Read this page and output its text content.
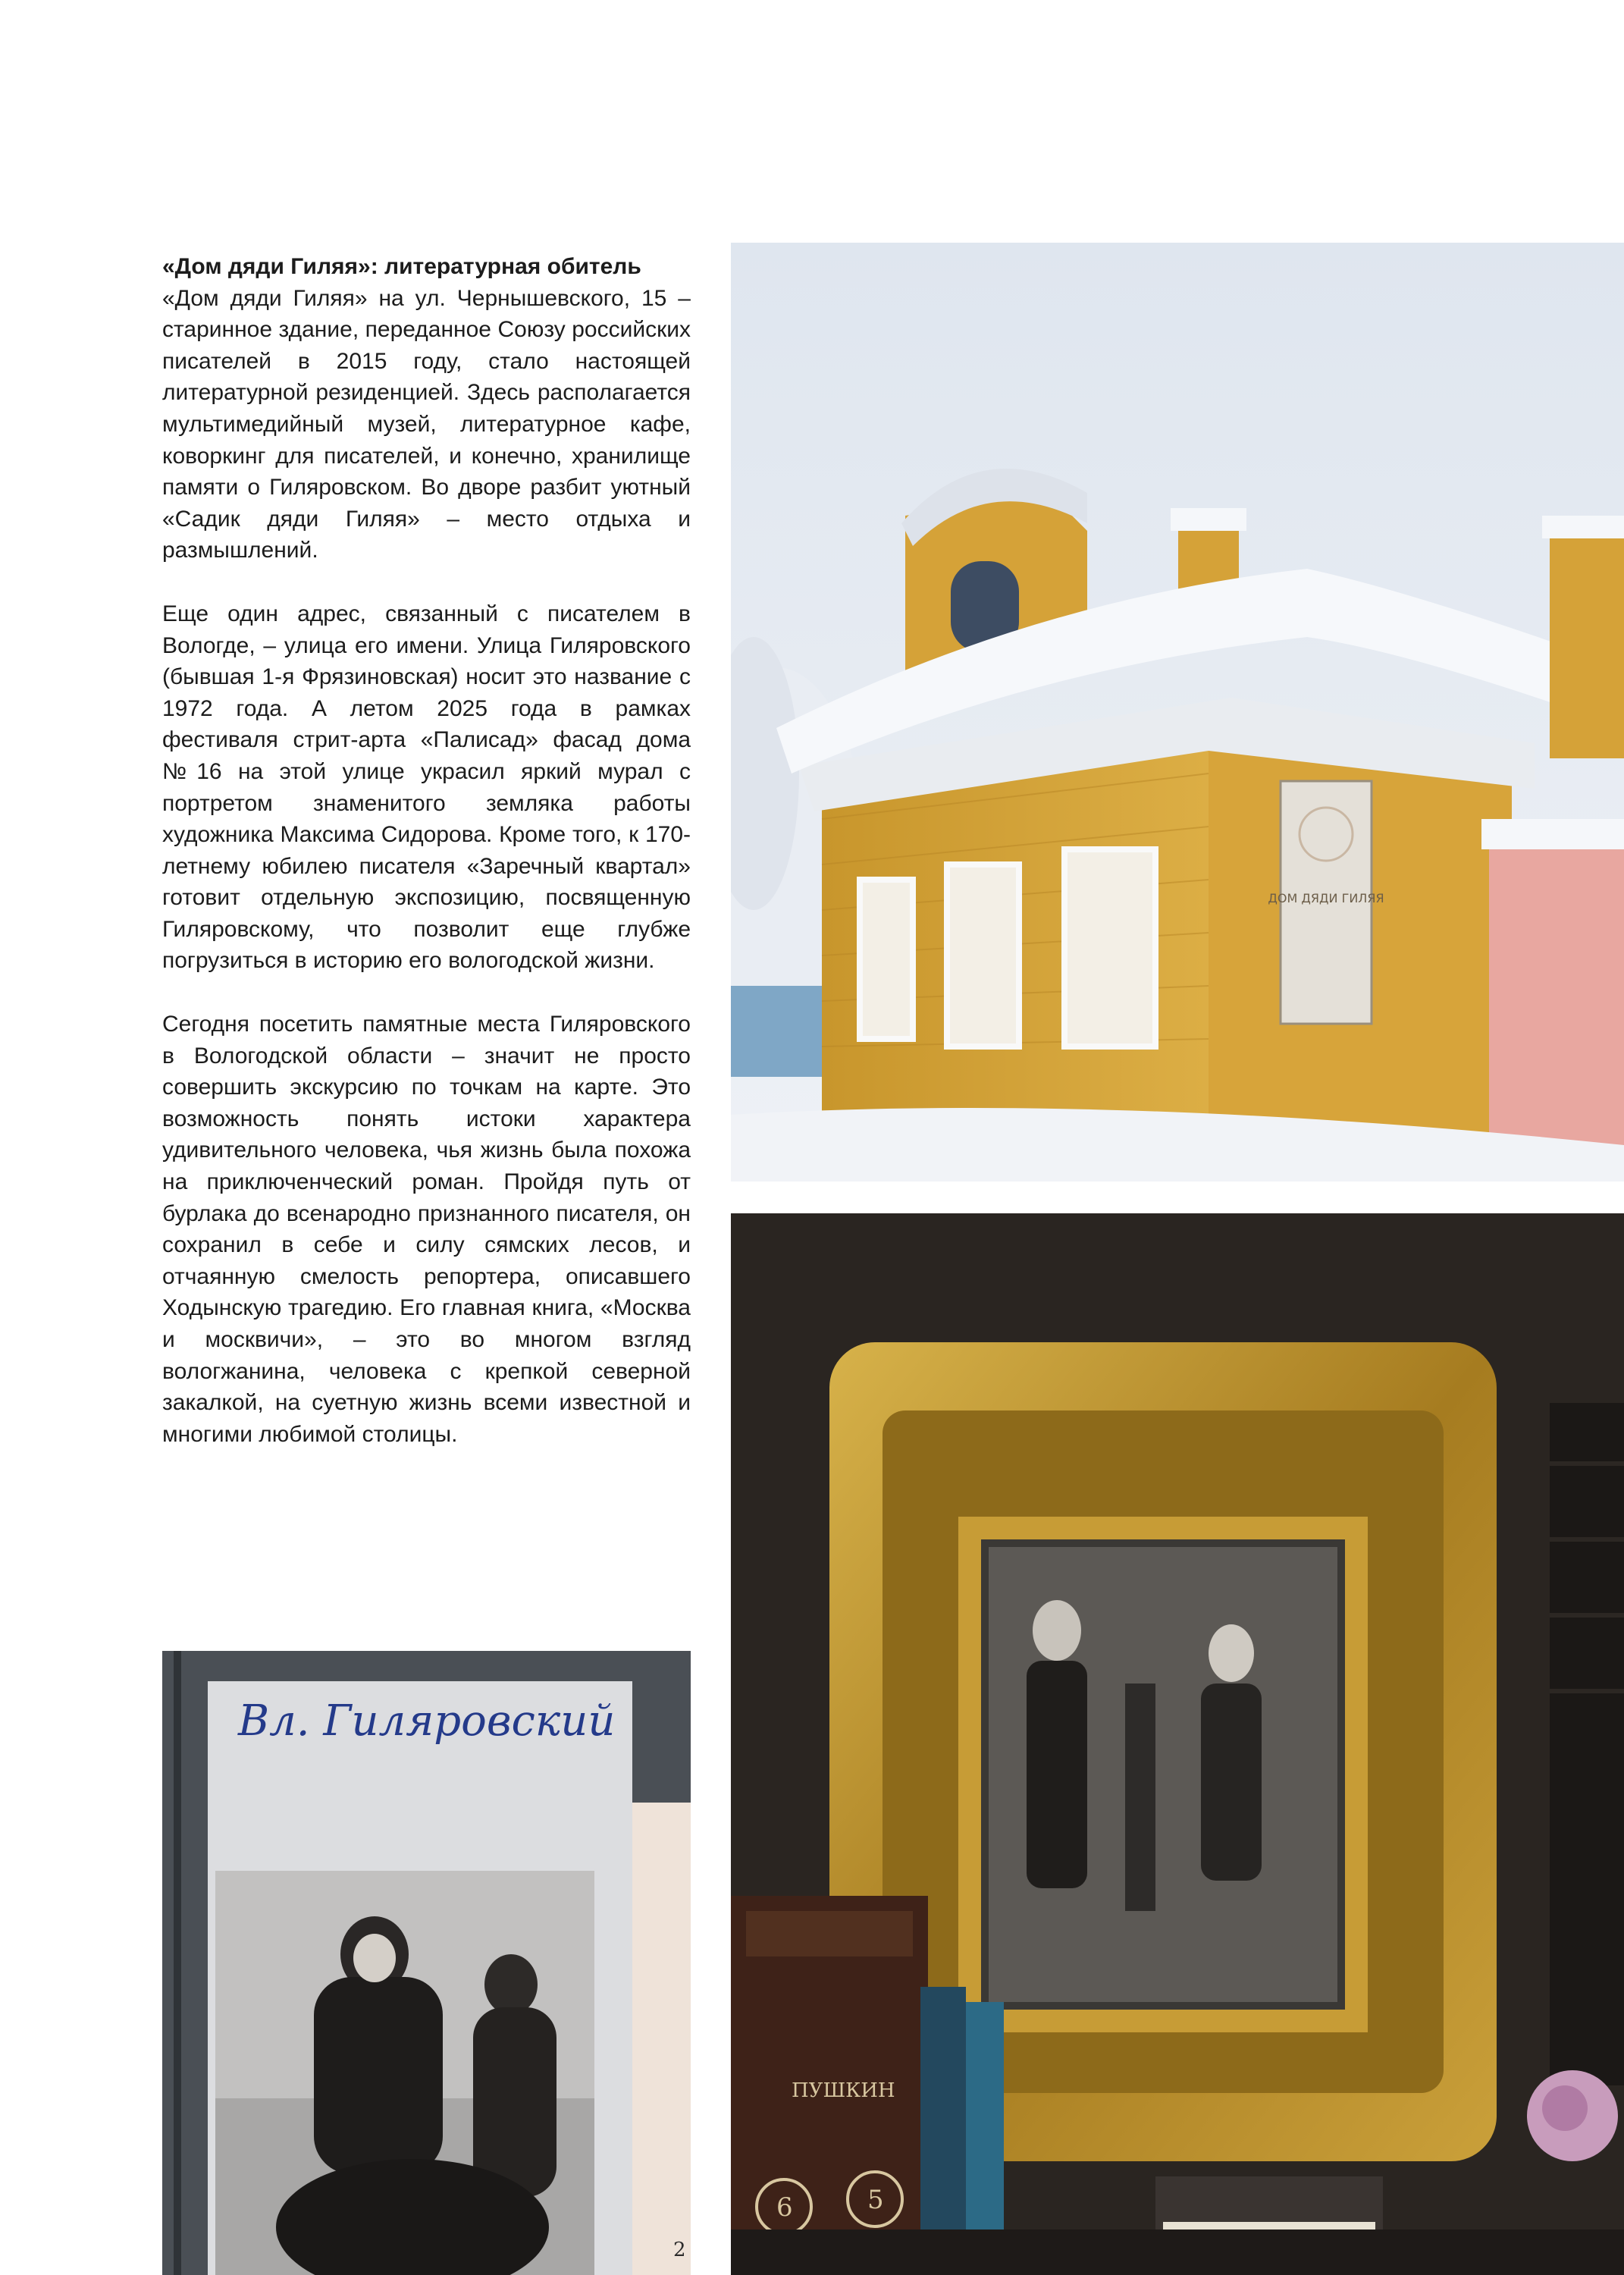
«Дом дяди Гиляя»: литературная обитель
«Дом дяди Гиляя» на ул. Чернышевского, 15 – старинное здание, переданное Союзу российских писателей в 2015 году, стало настоящей литературной резиденцией. Здесь располагается мультимедийный музей, литературное кафе, коворкинг для писателей, и конечно, хранилище памяти о Гиляровском. Во дворе разбит уютный «Садик дяди Гиляя» – место отдыха и размышлений.

Еще один адрес, связанный с писателем в Вологде, – улица его имени. Улица Гиляровского (бывшая 1-я Фрязиновская) носит это название с 1972 года. А летом 2025 года в рамках фестиваля стрит-арта «Палисад» фасад дома №16 на этой улице украсил яркий мурал с портретом знаменитого земляка работы художника Максима Сидорова. Кроме того, к 170-летнему юбилею писателя «Заречный квартал» готовит отдельную экспозицию, посвященную Гиляровскому, что позволит еще глубже погрузиться в историю его вологодской жизни.

Сегодня посетить памятные места Гиляровского в Вологодской области – значит не просто совершить экскурсию по точкам на карте. Это возможность понять истоки характера удивительного человека, чья жизнь была похожа на приключенческий роман. Пройдя путь от бурлака до всенародно признанного писателя, он сохранил в себе и силу сямских лесов, и отчаянную смелость репортера, описавшего Ходынскую трагедию. Его главная книга, «Москва и москвичи», – это во многом взгляд вологжанина, человека с крепкой северной закалкой, на суетную жизнь всеми известной и многими любимой столицы.

ДОМ ДЯДИ ГИЛЯЯ
ПУШКИН
6	5
Вл. Гиляровский
2
